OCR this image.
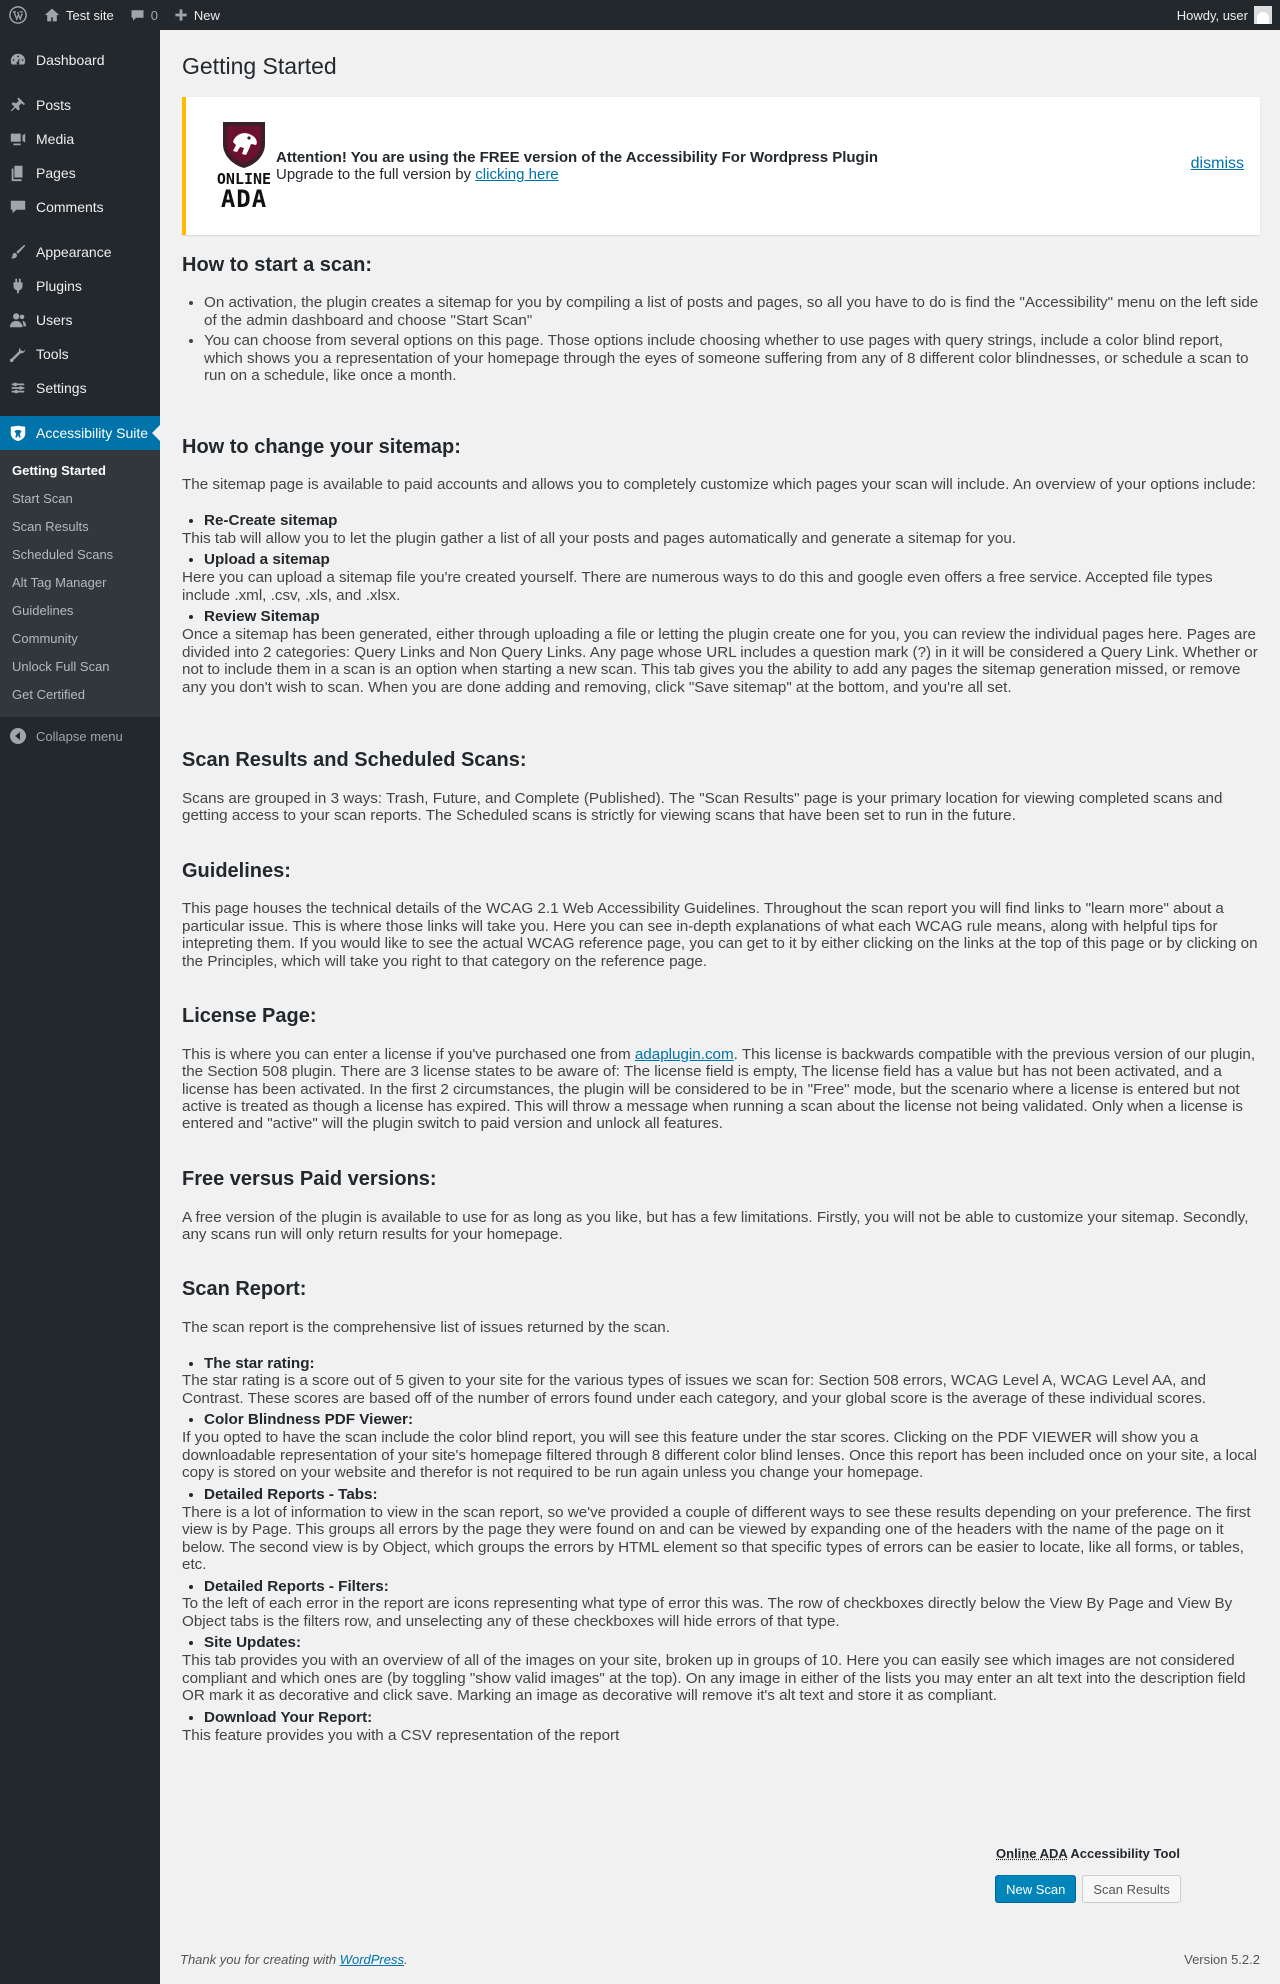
Test site	0	New	Howdy, user
Dashboard
Posts
Media
Pages
Comments
Appearance
Plugins
Users
Tools
Settings
Accessibility Suite
Getting Started
Start Scan
Scan Results
Scheduled Scans
Alt Tag Manager
Guidelines
Community
Unlock Full Scan
Get Certified
Collapse menu
Getting Started
ONLINE
ADA
Attention! You are using the FREE version of the Accessibility For Wordpress Plugin
Upgrade to the full version by clicking here
dismiss
How to start a scan:
• On activation, the plugin creates a sitemap for you by compiling a list of posts and pages, so all you have to do is find the "Accessibility" menu on the left side of the admin dashboard and choose "Start Scan"
• You can choose from several options on this page. Those options include choosing whether to use pages with query strings, include a color blind report, which shows you a representation of your homepage through the eyes of someone suffering from any of 8 different color blindnesses, or schedule a scan to run on a schedule, like once a month.
How to change your sitemap:

The sitemap page is available to paid accounts and allows you to completely customize which pages your scan will include. An overview of your options include:

Re-Create sitemap

This tab will allow you to let the plugin gather a list of all your posts and pages automatically and generate a sitemap for you.

Upload a sitemap

Here you can upload a sitemap file you're created yourself. There are numerous ways to do this and google even offers a free service. Accepted file types include .xml, .csv, .xls, and .xlsx.

Review Sitemap

Once a sitemap has been generated, either through uploading a file or letting the plugin create one for you, you can review the individual pages here. Pages are divided into 2 categories: Query Links and Non Query Links. Any page whose URL includes a question mark (?) in it will be considered a Query Link. Whether or not to include them in a scan is an option when starting a new scan. This tab gives you the ability to add any pages the sitemap generation missed, or remove any you don't wish to scan. When you are done adding and removing, click "Save sitemap" at the bottom, and you're all set.

Scan Results and Scheduled Scans:

Scans are grouped in 3 ways: Trash, Future, and Complete (Published). The "Scan Results" page is your primary location for viewing completed scans and getting access to your scan reports. The Scheduled scans is strictly for viewing scans that have been set to run in the future.

Guidelines:

This page houses the technical details of the WCAG 2.1 Web Accessibility Guidelines. Throughout the scan report you will find links to "learn more" about a particular issue. This is where those links will take you. Here you can see in-depth explanations of what each WCAG rule means, along with helpful tips for intepreting them. If you would like to see the actual WCAG reference page, you can get to it by either clicking on the links at the top of this page or by clicking on the Principles, which will take you right to that category on the reference page.

License Page:

This is where you can enter a license if you've purchased one from adaplugin.com. This license is backwards compatible with the previous version of our plugin, the Section 508 plugin. There are 3 license states to be aware of: The license field is empty, The license field has a value but has not been activated, and a license has been activated. In the first 2 circumstances, the plugin will be considered to be in "Free" mode, but the scenario where a license is entered but not active is treated as though a license has expired. This will throw a message when running a scan about the license not being validated. Only when a license is entered and "active" will the plugin switch to paid version and unlock all features.

Free versus Paid versions:

A free version of the plugin is available to use for as long as you like, but has a few limitations. Firstly, you will not be able to customize your sitemap. Secondly, any scans run will only return results for your homepage.

Scan Report:

The scan report is the comprehensive list of issues returned by the scan.

The star rating:

The star rating is a score out of 5 given to your site for the various types of issues we scan for: Section 508 errors, WCAG Level A, WCAG Level AA, and Contrast. These scores are based off of the number of errors found under each category, and your global score is the average of these individual scores.

Color Blindness PDF Viewer:

If you opted to have the scan include the color blind report, you will see this feature under the star scores. Clicking on the PDF VIEWER will show you a downloadable representation of your site's homepage filtered through 8 different color blind lenses. Once this report has been included once on your site, a local copy is stored on your website and therefor is not required to be run again unless you change your homepage.

Detailed Reports - Tabs:

There is a lot of information to view in the scan report, so we've provided a couple of different ways to see these results depending on your preference. The first view is by Page. This groups all errors by the page they were found on and can be viewed by expanding one of the headers with the name of the page on it below. The second view is by Object, which groups the errors by HTML element so that specific types of errors can be easier to locate, like all forms, or tables, etc.

Detailed Reports - Filters:

To the left of each error in the report are icons representing what type of error this was. The row of checkboxes directly below the View By Page and View By Object tabs is the filters row, and unselecting any of these checkboxes will hide errors of that type.

Site Updates:

This tab provides you with an overview of all of the images on your site, broken up in groups of 10. Here you can easily see which images are not considered compliant and which ones are (by toggling "show valid images" at the top). On any image in either of the lists you may enter an alt text into the description field OR mark it as decorative and click save. Marking an image as decorative will remove it's alt text and store it as compliant.

Download Your Report:

This feature provides you with a CSV representation of the report

Online ADA Accessibility Tool
New Scan	Scan Results
Thank you for creating with WordPress.	Version 5.2.2
